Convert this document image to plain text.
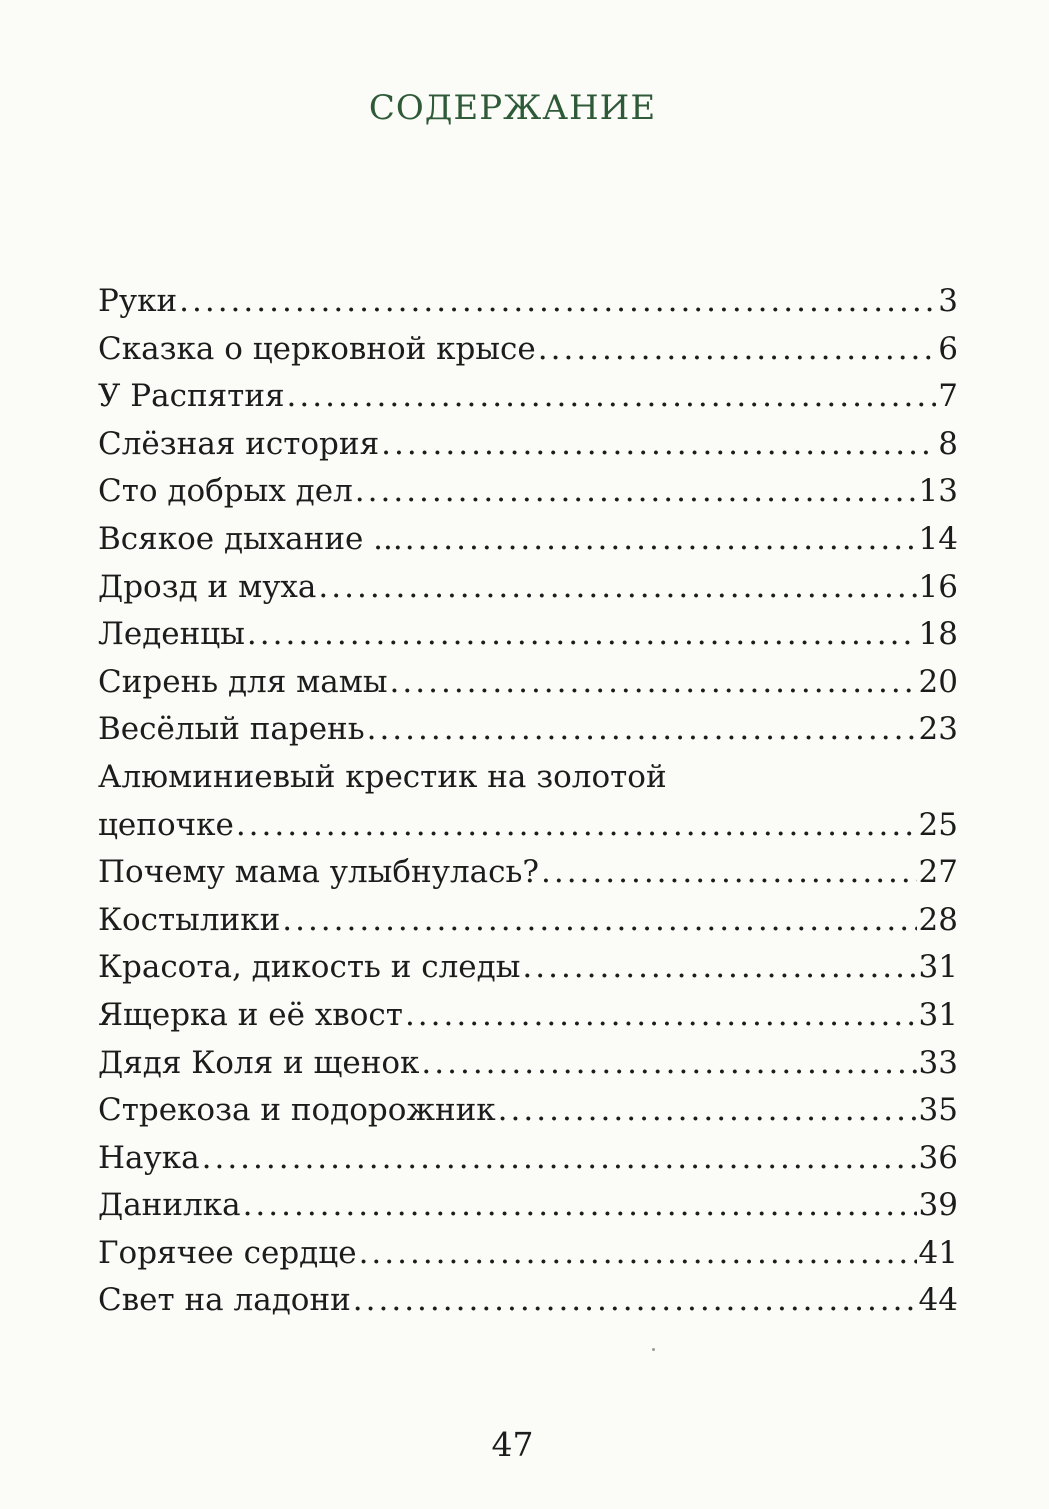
СОДЕРЖАНИЕ
Руки .....	3
Сказка о церковной крысе .....	6
У Распятия .....	7
Слёзная история .....	8
Сто добрых дел .....	13
Всякое дыхание ... .....	14
Дрозд и муха .....	16
Леденцы .....	18
Сирень для мамы .....	20
Весёлый парень .....	23
Алюминиевый крестик на золотой
цепочке .....	25
Почему мама улыбнулась? .....	27
Костылики .....	28
Красота, дикость и следы .....	31
Ящерка и её хвост .....	31
Дядя Коля и щенок .....	33
Стрекоза и подорожник .....	35
Наука .....	36
Данилка .....	39
Горячее сердце .....	41
Свет на ладони .....	44
47
